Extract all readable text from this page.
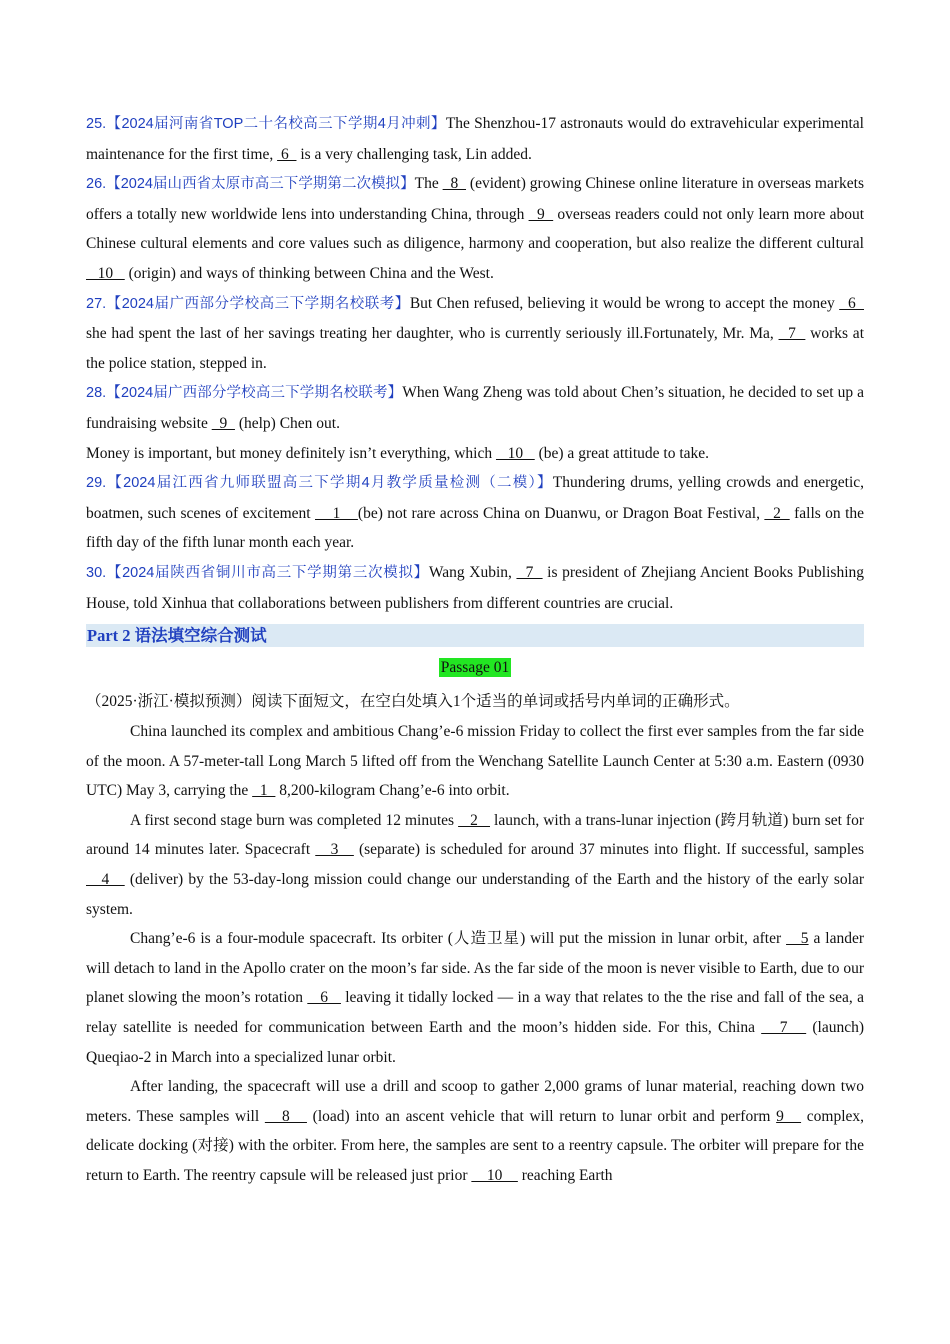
25.【2024届河南省TOP二十名校高三下学期4月冲刺】The Shenzhou-17 astronauts would do extravehicular experimental maintenance for the first time,  6   is a very challenging task, Lin added.

26.【2024届山西省太原市高三下学期第二次模拟】The   8   (evident) growing Chinese online literature in overseas markets offers a totally new worldwide lens into understanding China, through   9   overseas readers could not only learn more about Chinese cultural elements and core values such as diligence, harmony and cooperation, but also realize the different cultural    10    (origin) and ways of thinking between China and the West.

27.【2024届广西部分学校高三下学期名校联考】But Chen refused, believing it would be wrong to accept the money   6   she had spent the last of her savings treating her daughter, who is currently seriously ill.Fortunately, Mr. Ma,   7   works at the police station, stepped in.

28.【2024届广西部分学校高三下学期名校联考】When Wang Zheng was told about Chen’s situation, he decided to set up a fundraising website   9   (help) Chen out.

Money is important, but money definitely isn’t everything, which    10    (be) a great attitude to take.

29.【2024届江西省九师联盟高三下学期4月教学质量检测（二模）】Thundering drums, yelling crowds and energetic, boatmen, such scenes of excitement     1    (be) not rare across China on Duanwu, or Dragon Boat Festival,   2   falls on the fifth day of the fifth lunar month each year.

30.【2024届陕西省铜川市高三下学期第三次模拟】Wang Xubin,   7   is president of Zhejiang Ancient Books Publishing House, told Xinhua that collaborations between publishers from different countries are crucial.

Part 2 语法填空综合测试
Passage 01

（2025·浙江·模拟预测）阅读下面短文，在空白处填入1个适当的单词或括号内单词的正确形式。

China launched its complex and ambitious Chang’e-6 mission Friday to collect the first ever samples from the far side of the moon. A 57-meter-tall Long March 5 lifted off from the Wenchang Satellite Launch Center at 5:30 a.m. Eastern (0930 UTC) May 3, carrying the   1   8,200-kilogram Chang’e-6 into orbit.

A first second stage burn was completed 12 minutes    2    launch, with a trans-lunar injection (跨月轨道) burn set for around 14 minutes later. Spacecraft    3    (separate) is scheduled for around 37 minutes into flight. If successful, samples    4    (deliver) by the 53-day-long mission could change our understanding of the Earth and the history of the early solar system.

Chang’e-6 is a four-module spacecraft. Its orbiter (人造卫星) will put the mission in lunar orbit, after    5 a lander will detach to land in the Apollo crater on the moon’s far side. As the far side of the moon is never visible to Earth, due to our planet slowing the moon’s rotation    6    leaving it tidally locked — in a way that relates to the the rise and fall of the sea, a relay satellite is needed for communication between Earth and the moon’s hidden side. For this, China    7    (launch) Queqiao-2 in March into a specialized lunar orbit.

After landing, the spacecraft will use a drill and scoop to gather 2,000 grams of lunar material, reaching down two meters. These samples will    8    (load) into an ascent vehicle that will return to lunar orbit and perform 9    complex, delicate docking (对接) with the orbiter. From here, the samples are sent to a reentry capsule. The orbiter will prepare for the return to Earth. The reentry capsule will be released just prior     10     reaching Earth
